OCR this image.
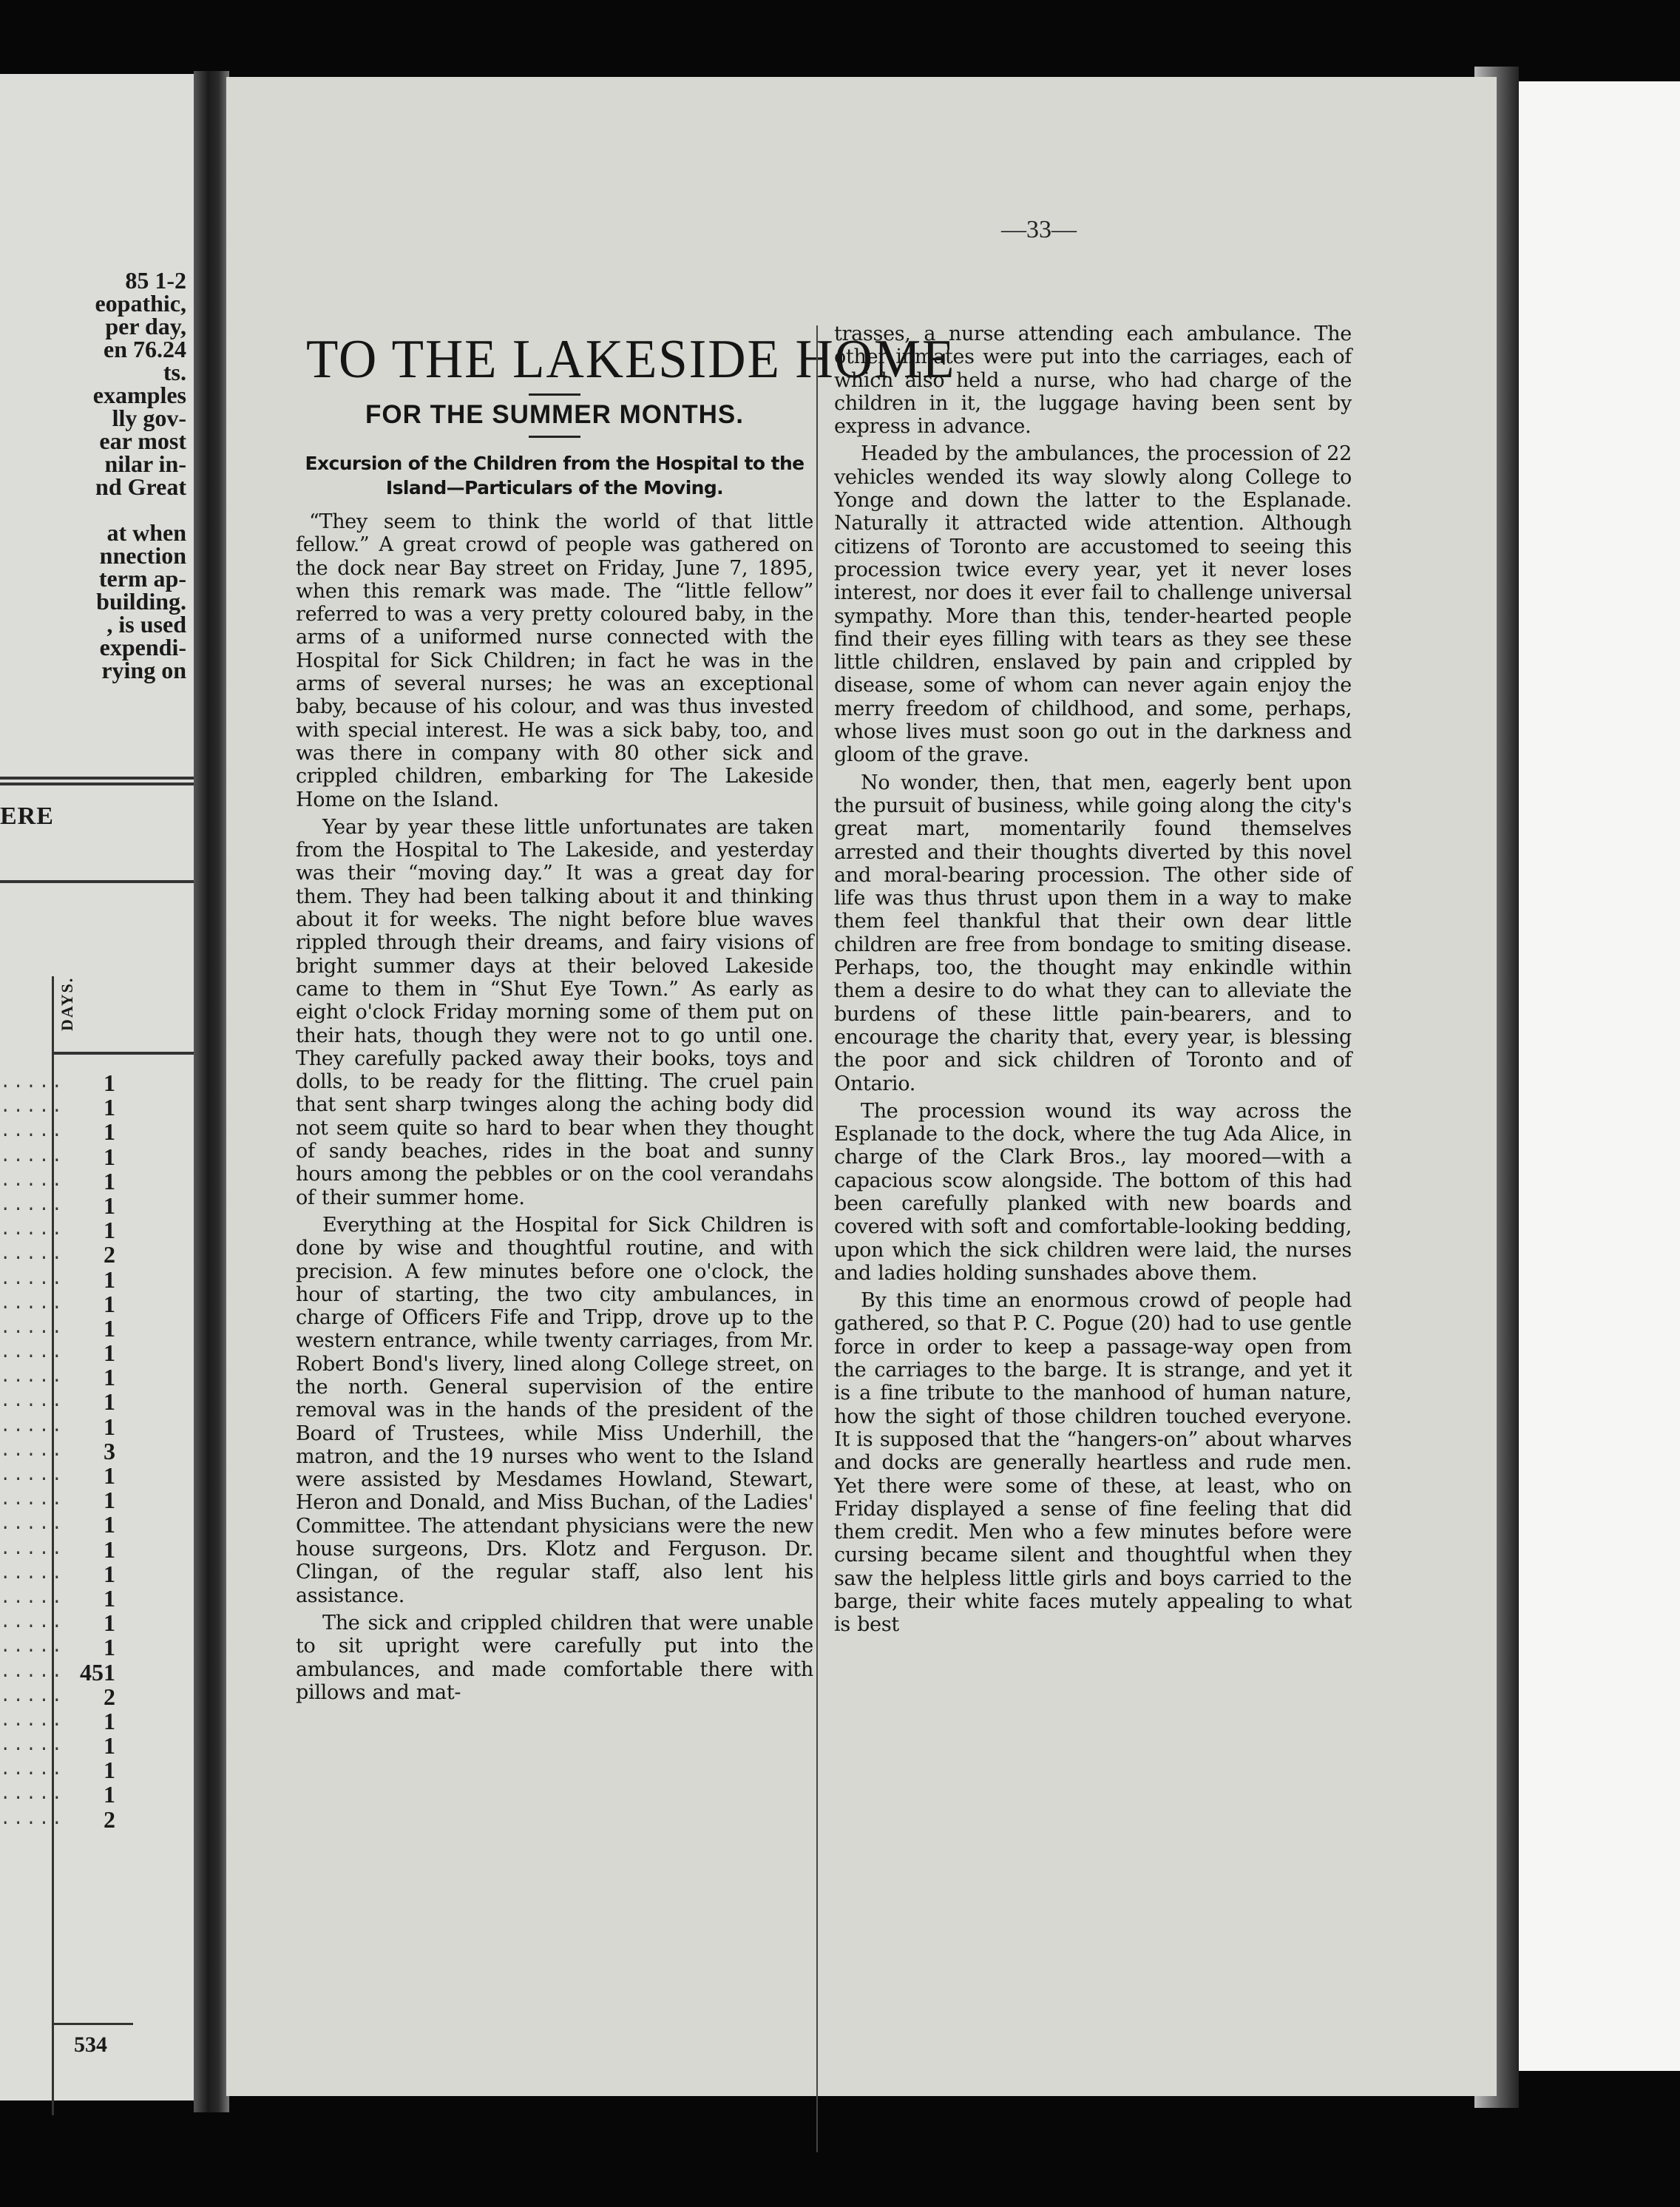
85 1-2
eopathic,
per day,
en 76.24
ts.
examples
lly gov-
ear most
nilar in-
nd Great
at when
nnection
term ap-
building.
, is used
expendi-
rying on
ERE
DAYS.
..... 1
..... 1
..... 1
..... 1
..... 1
..... 1
..... 1
..... 2
..... 1
..... 1
..... 1
..... 1
..... 1
..... 1
..... 1
..... 3
..... 1
..... 1
..... 1
..... 1
..... 1
..... 1
..... 1
..... 1
..... 451
..... 2
..... 1
..... 1
..... 1
..... 1
..... 2
534
—33—
TO THE LAKESIDE HOME
FOR THE SUMMER MONTHS.
Excursion of the Children from the Hospital to the Island—Particulars of the Moving.

“They seem to think the world of that little fellow.” A great crowd of people was gathered on the dock near Bay street on Friday, June 7, 1895, when this remark was made. The “little fellow” referred to was a very pretty coloured baby, in the arms of a uniformed nurse connected with the Hospital for Sick Children; in fact he was in the arms of several nurses; he was an exceptional baby, because of his colour, and was thus invested with special interest. He was a sick baby, too, and was there in company with 80 other sick and crippled children, embarking for The Lakeside Home on the Island.

Year by year these little unfortunates are taken from the Hospital to The Lakeside, and yesterday was their “moving day.” It was a great day for them. They had been talking about it and thinking about it for weeks. The night before blue waves rippled through their dreams, and fairy visions of bright summer days at their beloved Lakeside came to them in “Shut Eye Town.” As early as eight o'clock Friday morning some of them put on their hats, though they were not to go until one. They carefully packed away their books, toys and dolls, to be ready for the flitting. The cruel pain that sent sharp twinges along the aching body did not seem quite so hard to bear when they thought of sandy beaches, rides in the boat and sunny hours among the pebbles or on the cool verandahs of their summer home.

Everything at the Hospital for Sick Children is done by wise and thoughtful routine, and with precision. A few minutes before one o'clock, the hour of starting, the two city ambulances, in charge of Officers Fife and Tripp, drove up to the western entrance, while twenty carriages, from Mr. Robert Bond's livery, lined along College street, on the north. General supervision of the entire removal was in the hands of the president of the Board of Trustees, while Miss Underhill, the matron, and the 19 nurses who went to the Island were assisted by Mesdames Howland, Stewart, Heron and Donald, and Miss Buchan, of the Ladies' Committee. The attendant physicians were the new house surgeons, Drs. Klotz and Ferguson. Dr. Clingan, of the regular staff, also lent his assistance.

The sick and crippled children that were unable to sit upright were carefully put into the ambulances, and made comfortable there with pillows and mat-

trasses, a nurse attending each ambulance. The other inmates were put into the carriages, each of which also held a nurse, who had charge of the children in it, the luggage having been sent by express in advance.

Headed by the ambulances, the procession of 22 vehicles wended its way slowly along College to Yonge and down the latter to the Esplanade. Naturally it attracted wide attention. Although citizens of Toronto are accustomed to seeing this procession twice every year, yet it never loses interest, nor does it ever fail to challenge universal sympathy. More than this, tender-hearted people find their eyes filling with tears as they see these little children, enslaved by pain and crippled by disease, some of whom can never again enjoy the merry freedom of childhood, and some, perhaps, whose lives must soon go out in the darkness and gloom of the grave.

No wonder, then, that men, eagerly bent upon the pursuit of business, while going along the city's great mart, momentarily found themselves arrested and their thoughts diverted by this novel and moral-bearing procession. The other side of life was thus thrust upon them in a way to make them feel thankful that their own dear little children are free from bondage to smiting disease. Perhaps, too, the thought may enkindle within them a desire to do what they can to alleviate the burdens of these little pain-bearers, and to encourage the charity that, every year, is blessing the poor and sick children of Toronto and of Ontario.

The procession wound its way across the Esplanade to the dock, where the tug Ada Alice, in charge of the Clark Bros., lay moored—with a capacious scow alongside. The bottom of this had been carefully planked with new boards and covered with soft and comfortable-looking bedding, upon which the sick children were laid, the nurses and ladies holding sunshades above them.

By this time an enormous crowd of people had gathered, so that P. C. Pogue (20) had to use gentle force in order to keep a passage-way open from the carriages to the barge. It is strange, and yet it is a fine tribute to the manhood of human nature, how the sight of those children touched everyone. It is supposed that the “hangers-on” about wharves and docks are generally heartless and rude men. Yet there were some of these, at least, who on Friday displayed a sense of fine feeling that did them credit. Men who a few minutes before were cursing became silent and thoughtful when they saw the helpless little girls and boys carried to the barge, their white faces mutely appealing to what is best
